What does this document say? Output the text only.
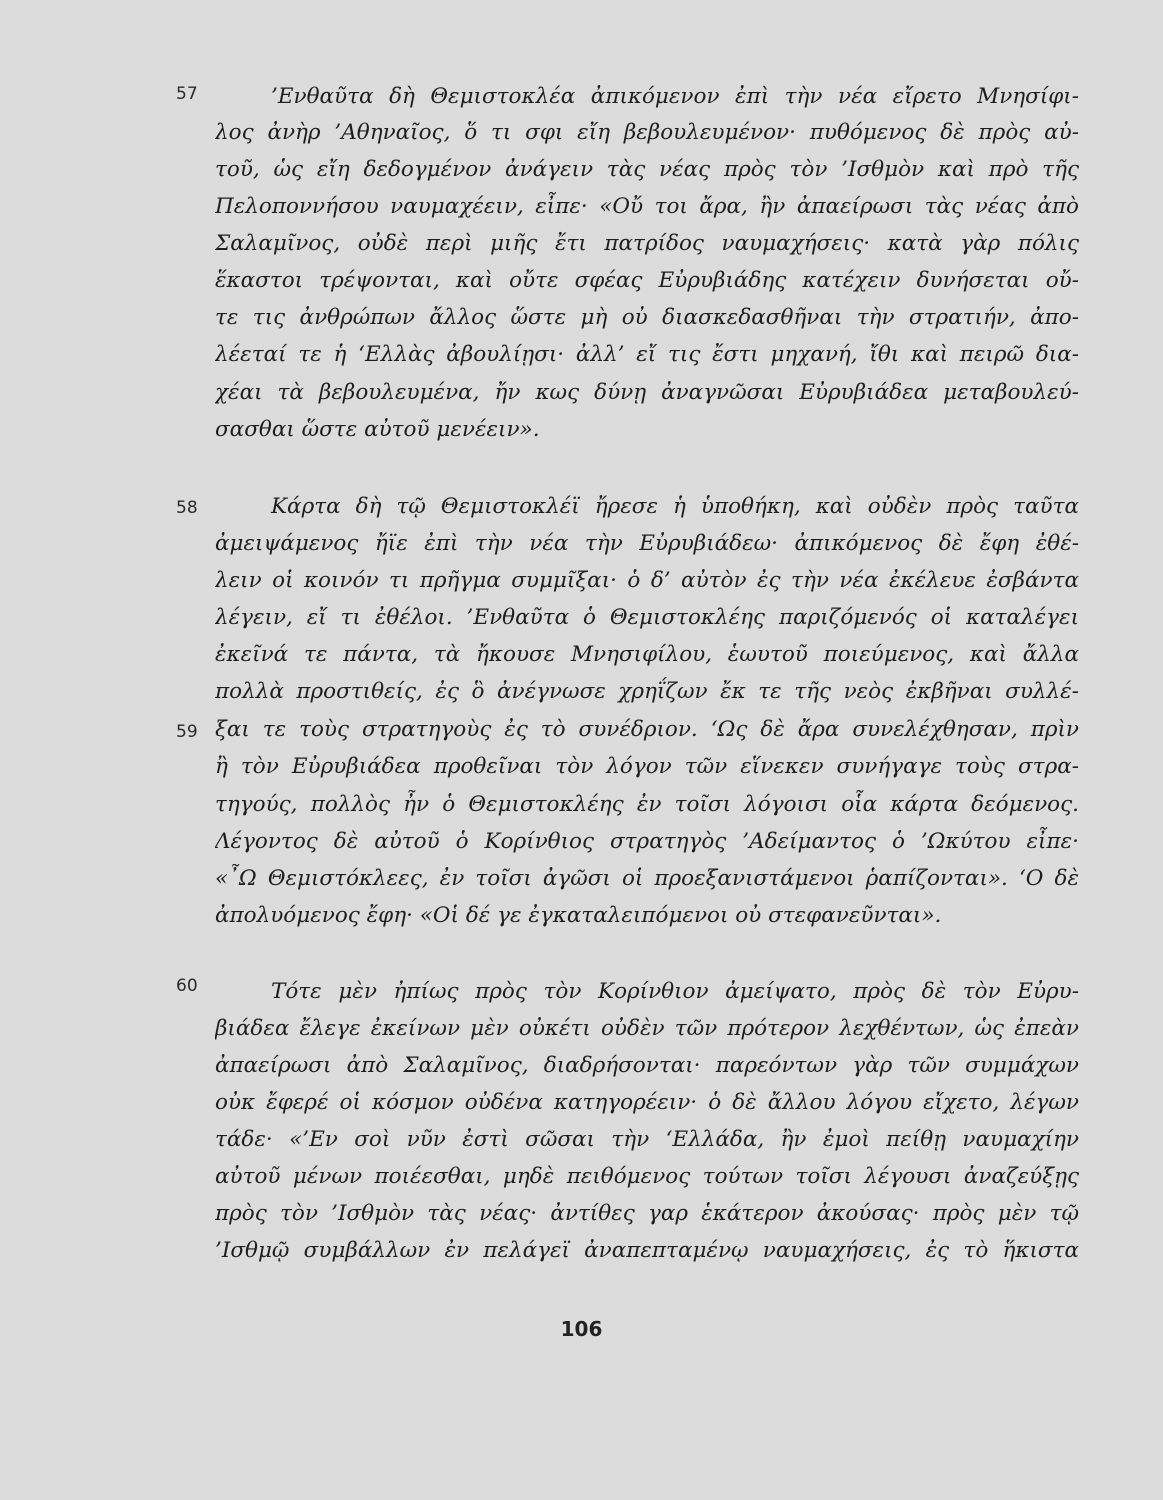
57	’Ενθαῦτα δὴ Θεμιστοκλέα ἀπικόμενον ἐπὶ τὴν νέα εἴρετο Μνησίφι-
λος ἀνὴρ ’Αθηναῖος, ὅ τι σφι εἴη βεβουλευμένον· πυθόμενος δὲ πρὸς αὐ-
τοῦ, ὡς εἴη δεδογμένον ἀνάγειν τὰς νέας πρὸς τὸν ’Ισθμὸν καὶ πρὸ τῆς
Πελοποννήσου ναυμαχέειν, εἶπε· «Οὔ τοι ἄρα, ἢν ἀπαείρωσι τὰς νέας ἀπὸ
Σαλαμῖνος, οὐδὲ περὶ μιῆς ἔτι πατρίδος ναυμαχήσεις· κατὰ γὰρ πόλις
ἕκαστοι τρέψονται, καὶ οὔτε σφέας Εὐρυβιάδης κατέχειν δυνήσεται οὔ-
τε τις ἀνθρώπων ἄλλος ὥστε μὴ οὐ διασκεδασθῆναι τὴν στρατιήν, ἀπο-
λέεταί τε ἡ ‘Ελλὰς ἀβουλίῃσι· ἀλλ’ εἴ τις ἔστι μηχανή, ἴθι καὶ πειρῶ δια-
χέαι τὰ βεβουλευμένα, ἤν κως δύνῃ ἀναγνῶσαι Εὐρυβιάδεα μεταβουλεύ-
σασθαι ὥστε αὐτοῦ μενέειν».
58	Κάρτα δὴ τῷ Θεμιστοκλέϊ ἤρεσε ἡ ὑποθήκη, καὶ οὐδὲν πρὸς ταῦτα
ἀμειψάμενος ἤϊε ἐπὶ τὴν νέα τὴν Εὐρυβιάδεω· ἀπικόμενος δὲ ἔφη ἐθέ-
λειν οἱ κοινόν τι πρῆγμα συμμῖξαι· ὁ δ’ αὐτὸν ἐς τὴν νέα ἐκέλευε ἐσβάντα
λέγειν, εἴ τι ἐθέλοι. ’Ενθαῦτα ὁ Θεμιστοκλέης παριζόμενός οἱ καταλέγει
ἐκεῖνά τε πάντα, τὰ ἤκουσε Μνησιφίλου, ἑωυτοῦ ποιεύμενος, καὶ ἄλλα
πολλὰ προστιθείς, ἐς ὃ ἀνέγνωσε χρηΐζων ἔκ τε τῆς νεὸς ἐκβῆναι συλλέ-
59 ξαι τε τοὺς στρατηγοὺς ἐς τὸ συνέδριον. ‘Ως δὲ ἄρα συνελέχθησαν, πρὶν
ἢ τὸν Εὐρυβιάδεα προθεῖναι τὸν λόγον τῶν εἵνεκεν συνήγαγε τοὺς στρα-
τηγούς, πολλὸς ἦν ὁ Θεμιστοκλέης ἐν τοῖσι λόγοισι οἷα κάρτα δεόμενος.
Λέγοντος δὲ αὐτοῦ ὁ Κορίνθιος στρατηγὸς ’Αδείμαντος ὁ ’Ωκύτου εἶπε·
«῏Ω Θεμιστόκλεες, ἐν τοῖσι ἀγῶσι οἱ προεξανιστάμενοι ῥαπίζονται». ‘Ο δὲ
ἀπολυόμενος ἔφη· «Οἱ δέ γε ἐγκαταλειπόμενοι οὐ στεφανεῦνται».
60	Τότε μὲν ἠπίως πρὸς τὸν Κορίνθιον ἀμείψατο, πρὸς δὲ τὸν Εὐρυ-
βιάδεα ἔλεγε ἐκείνων μὲν οὐκέτι οὐδὲν τῶν πρότερον λεχθέντων, ὡς ἐπεὰν
ἀπαείρωσι ἀπὸ Σαλαμῖνος, διαδρήσονται· παρεόντων γὰρ τῶν συμμάχων
οὐκ ἔφερέ οἱ κόσμον οὐδένα κατηγορέειν· ὁ δὲ ἄλλου λόγου εἴχετο, λέγων
τάδε· «’Εν σοὶ νῦν ἐστὶ σῶσαι τὴν ‘Ελλάδα, ἢν ἐμοὶ πείθῃ ναυμαχίην
αὐτοῦ μένων ποιέεσθαι, μηδὲ πειθόμενος τούτων τοῖσι λέγουσι ἀναζεύξῃς
πρὸς τὸν ’Ισθμὸν τὰς νέας· ἀντίθες γαρ ἑκάτερον ἀκούσας· πρὸς μὲν τῷ
’Ισθμῷ συμβάλλων ἐν πελάγεϊ ἀναπεπταμένῳ ναυμαχήσεις, ἐς τὸ ἥκιστα
106
